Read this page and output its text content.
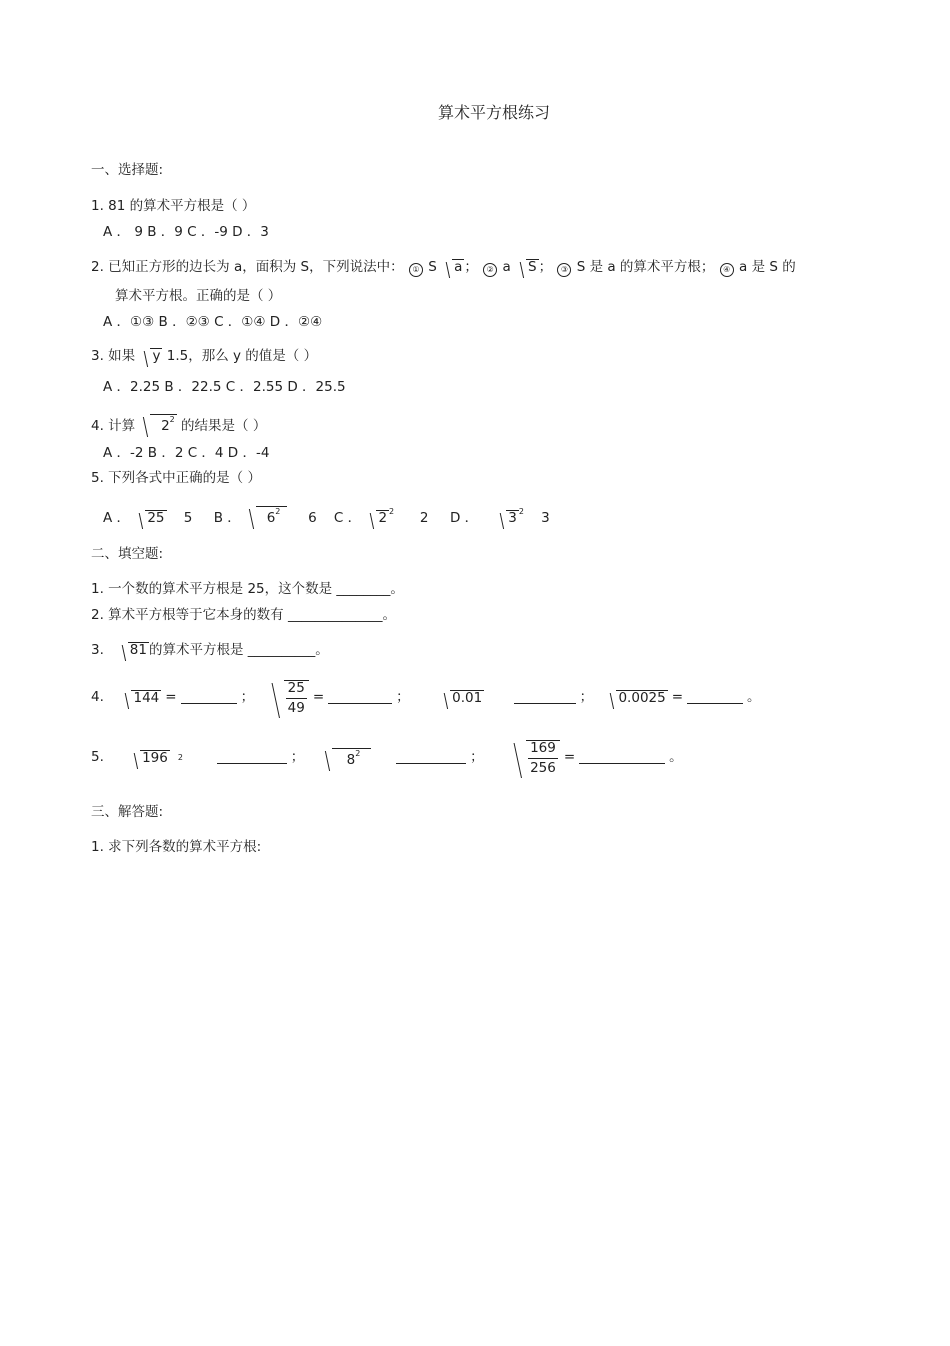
算术平方根练习
一、选择题:
1. 81 的算术平方根是（ ）
A ． 9 B ．9 C ．-9 D ．3
2. 已知正方形的边长为 a，面积为 S，下列说法中： ① S a ； ② a S ； ③ S 是 a 的算术平方根； ④ a 是 S 的
算术平方根。正确的是（ ）
A ．①③ B ．②③ C ．①④ D ．②④
3. 如果 y 1.5，那么 y 的值是（ ）
A ．2.25 B ．22.5 C ．2.55 D ．25.5
4. 计算 $2^2$ 的结果是（ ）
A ．-2 B ．2 C ．4 D ．-4
5. 下列各式中正确的是（ ）
A ． 25 5 B ． $6^2$ 6 C ． 2 $^2$ 2 D ． 3 $^2$ 3
二、填空题:
1. 一个数的算术平方根是 25，这个数是 ________。
2. 算术平方根等于它本身的数有 ______________。
3. 81 的算术平方根是 __________。
4.
	144 =	；
$\frac{25}{49}$ =	；
	0.01
	；
	0.0025 =	。
5.
	196 2
	；
	$8^2$
	；
	$\frac{169}{256}$ =	。
三、解答题:
1. 求下列各数的算术平方根:
